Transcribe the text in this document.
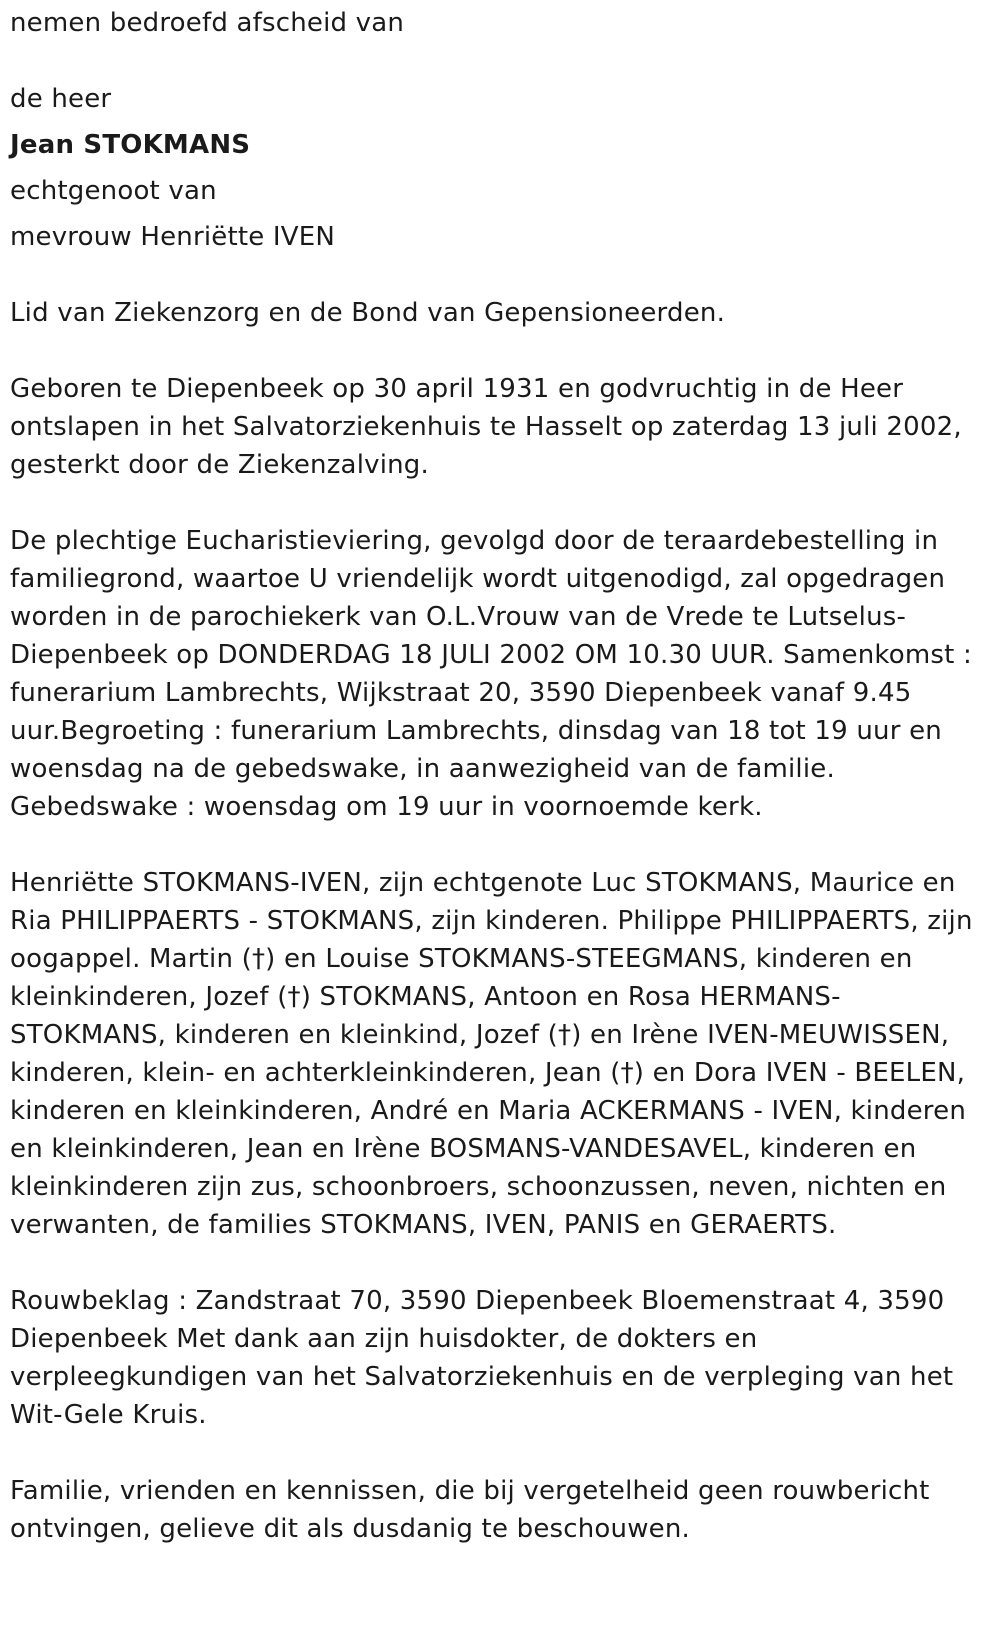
nemen bedroefd afscheid van

de heer

Jean STOKMANS

echtgenoot van

mevrouw Henriëtte IVEN

Lid van Ziekenzorg en de Bond van Gepensioneerden.

Geboren te Diepenbeek op 30 april 1931 en godvruchtig in de Heer

ontslapen in het Salvatorziekenhuis te Hasselt op zaterdag 13 juli 2002,

gesterkt door de Ziekenzalving.

De plechtige Eucharistieviering, gevolgd door de teraardebestelling in

familiegrond, waartoe U vriendelijk wordt uitgenodigd, zal opgedragen

worden in de parochiekerk van O.L.Vrouw van de Vrede te Lutselus-

Diepenbeek op DONDERDAG 18 JULI 2002 OM 10.30 UUR. Samenkomst :

funerarium Lambrechts, Wijkstraat 20, 3590 Diepenbeek vanaf 9.45

uur.Begroeting : funerarium Lambrechts, dinsdag van 18 tot 19 uur en

woensdag na de gebedswake, in aanwezigheid van de familie.

Gebedswake : woensdag om 19 uur in voornoemde kerk.

Henriëtte STOKMANS-IVEN, zijn echtgenote Luc STOKMANS, Maurice en

Ria PHILIPPAERTS - STOKMANS, zijn kinderen. Philippe PHILIPPAERTS, zijn

oogappel. Martin (†) en Louise STOKMANS-STEEGMANS, kinderen en

kleinkinderen, Jozef (†) STOKMANS, Antoon en Rosa HERMANS-

STOKMANS, kinderen en kleinkind, Jozef (†) en Irène IVEN-MEUWISSEN,

kinderen, klein- en achterkleinkinderen, Jean (†) en Dora IVEN - BEELEN,

kinderen en kleinkinderen, André en Maria ACKERMANS - IVEN, kinderen

en kleinkinderen, Jean en Irène BOSMANS-VANDESAVEL, kinderen en

kleinkinderen zijn zus, schoonbroers, schoonzussen, neven, nichten en

verwanten, de families STOKMANS, IVEN, PANIS en GERAERTS.

Rouwbeklag : Zandstraat 70, 3590 Diepenbeek Bloemenstraat 4, 3590

Diepenbeek Met dank aan zijn huisdokter, de dokters en

verpleegkundigen van het Salvatorziekenhuis en de verpleging van het

Wit-Gele Kruis.

Familie, vrienden en kennissen, die bij vergetelheid geen rouwbericht

ontvingen, gelieve dit als dusdanig te beschouwen.
